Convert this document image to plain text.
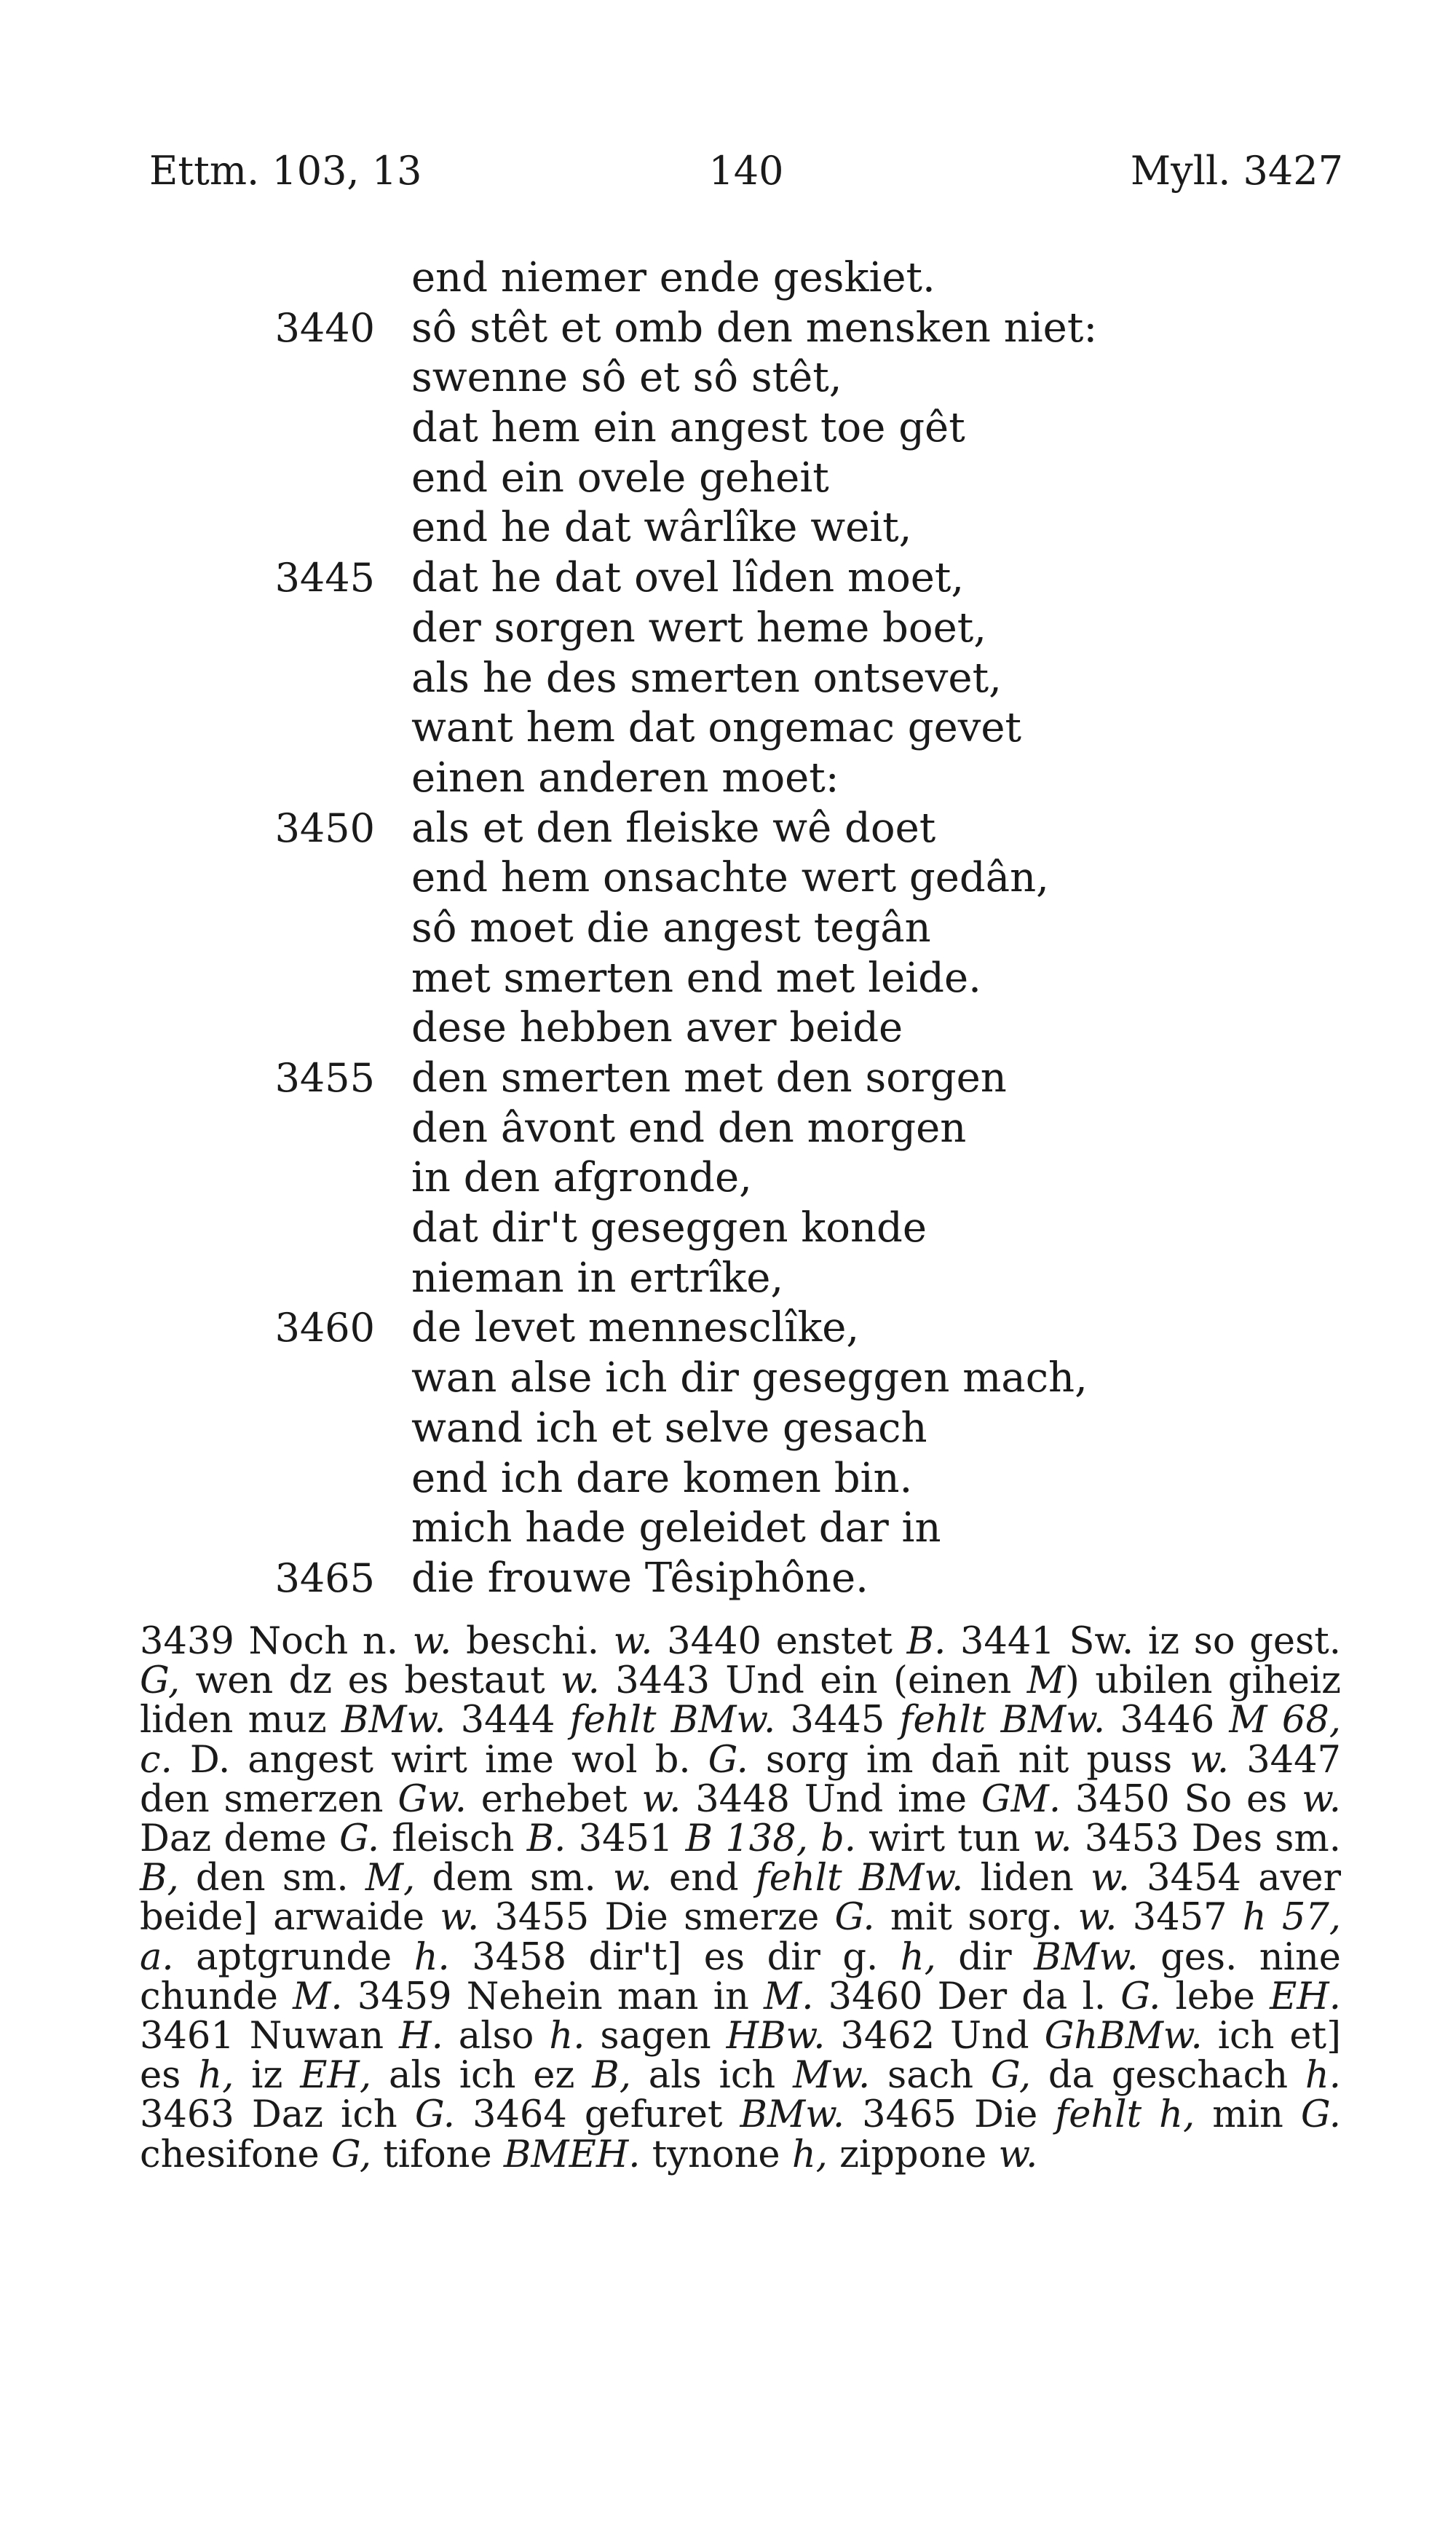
Ettm. 103, 13	140	Myll. 3427
end niemer ende geskiet.
3440 sô stêt et omb den mensken niet:
swenne sô et sô stêt,
dat hem ein angest toe gêt
end ein ovele geheit
end he dat wârlîke weit,
3445 dat he dat ovel lîden moet,
der sorgen wert heme boet,
als he des smerten ontsevet,
want hem dat ongemac gevet
einen anderen moet:
3450 als et den fleiske wê doet
end hem onsachte wert gedân,
sô moet die angest tegân
met smerten end met leide.
dese hebben aver beide
3455 den smerten met den sorgen
den âvont end den morgen
in den afgronde,
dat dir't geseggen konde
nieman in ertrîke,
3460 de levet mennesclîke,
wan alse ich dir geseggen mach,
wand ich et selve gesach
end ich dare komen bin.
mich hade geleidet dar in
3465 die frouwe Têsiphône.
3439 Noch n. w. beschi. w. 3440 enstet B. 3441 Sw. iz so gest. G, wen dz es bestaut w. 3443 Und ein (einen M) ubilen giheiz liden muz BMw. 3444 fehlt BMw. 3445 fehlt BMw. 3446 M 68, c. D. angest wirt ime wol b. G. sorg im dan̄ nit puss w. 3447 den smerzen Gw. erhebet w. 3448 Und ime GM. 3450 So es w. Daz deme G. fleisch B. 3451 B 138, b. wirt tun w. 3453 Des sm. B, den sm. M, dem sm. w. end fehlt BMw. liden w. 3454 aver beide] arwaide w. 3455 Die smerze G. mit sorg. w. 3457 h 57, a. aptgrunde h. 3458 dir't] es dir g. h, dir BMw. ges. nine chunde M. 3459 Nehein man in M. 3460 Der da l. G. lebe EH. 3461 Nuwan H. also h. sagen HBw. 3462 Und GhBMw. ich et] es h, iz EH, als ich ez B, als ich Mw. sach G, da geschach h. 3463 Daz ich G. 3464 gefuret BMw. 3465 Die fehlt h, min G. chesifone G, tifone BMEH. tynone h, zippone w.
